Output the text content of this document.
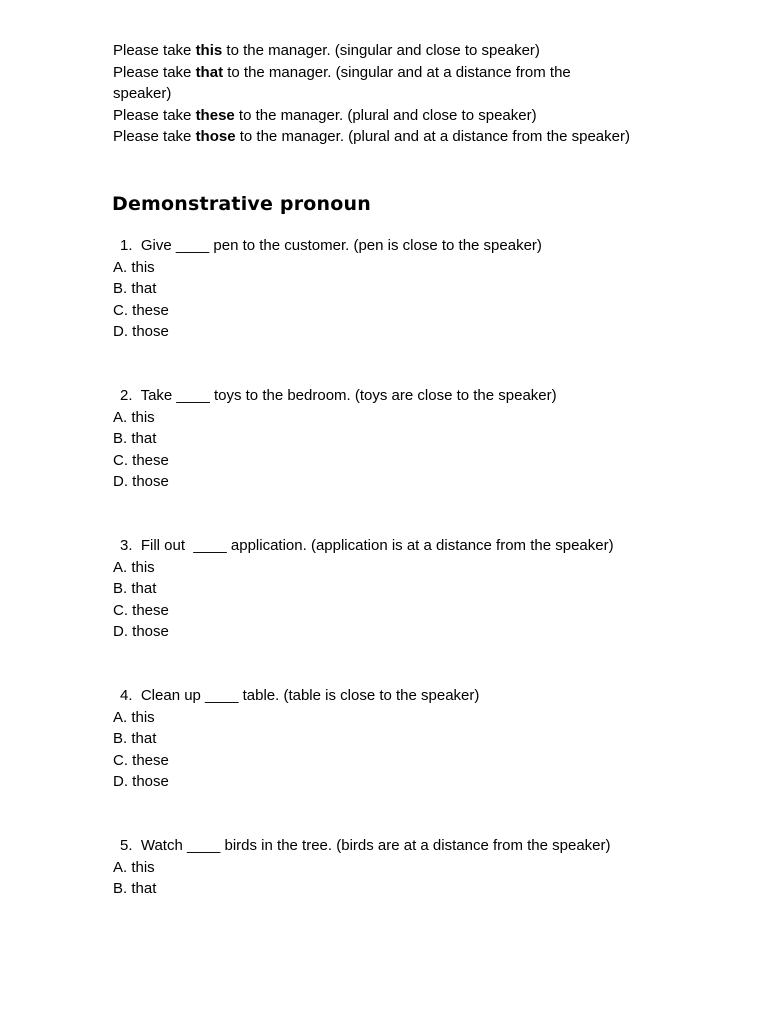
Please take this to the manager. (singular and close to speaker)

Please take that to the manager. (singular and at a distance from the speaker)

Please take these to the manager. (plural and close to speaker)

Please take those to the manager. (plural and at a distance from the speaker)

Demonstrative pronoun

1.  Give ____ pen to the customer. (pen is close to the speaker)

A. this

B. that

C. these

D. those

2.  Take ____ toys to the bedroom. (toys are close to the speaker)

A. this

B. that

C. these

D. those

3.  Fill out  ____ application. (application is at a distance from the speaker)

A. this

B. that

C. these

D. those

4.  Clean up ____ table. (table is close to the speaker)

A. this

B. that

C. these

D. those

5.  Watch ____ birds in the tree. (birds are at a distance from the speaker)

A. this

B. that
